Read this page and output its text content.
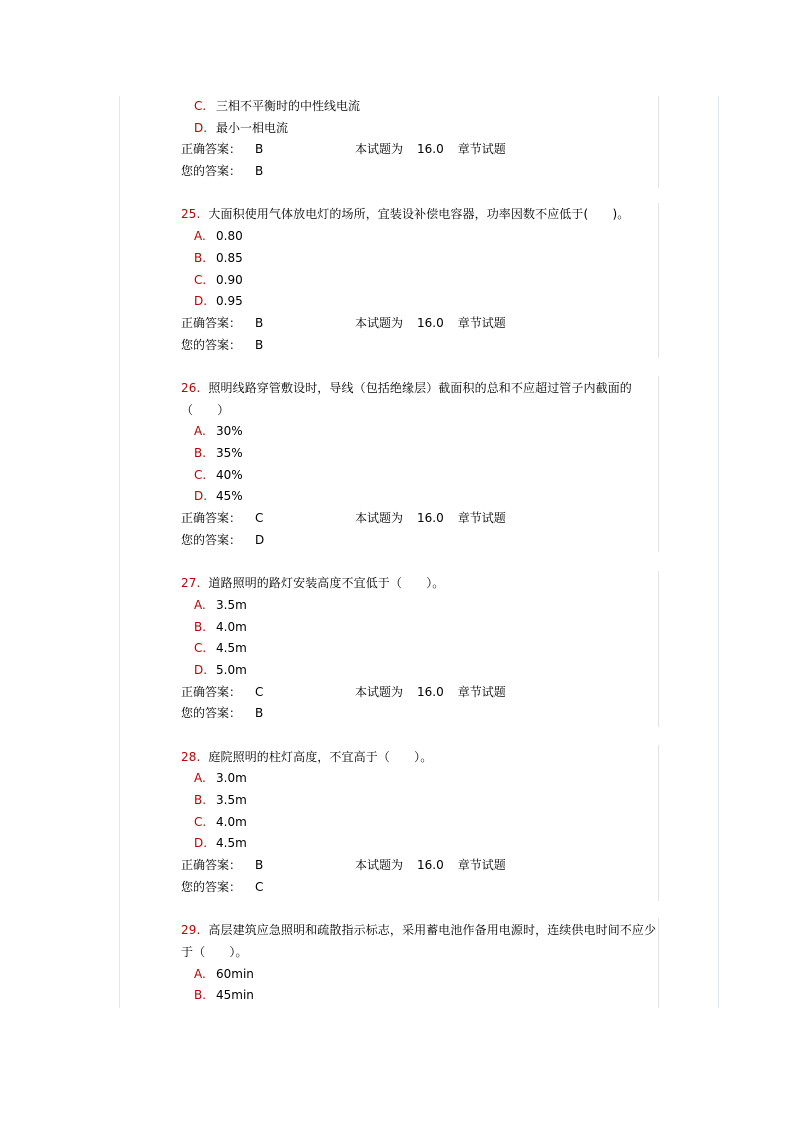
C. 三相不平衡时的中性线电流
D. 最小一相电流
正确答案： B	本试题为 16.0 章节试题
您的答案： B
25. 大面积使用气体放电灯的场所，宜装设补偿电容器，功率因数不应低于(　　)。
A. 0.80
B. 0.85
C. 0.90
D. 0.95
正确答案： B	本试题为 16.0 章节试题
您的答案： B
26. 照明线路穿管敷设时，导线（包括绝缘层）截面积的总和不应超过管子内截面的（　　）
A. 30%
B. 35%
C. 40%
D. 45%
正确答案： C	本试题为 16.0 章节试题
您的答案： D
27. 道路照明的路灯安装高度不宜低于（　　）。
A. 3.5m
B. 4.0m
C. 4.5m
D. 5.0m
正确答案： C	本试题为 16.0 章节试题
您的答案： B
28. 庭院照明的柱灯高度，不宜高于（　　）。
A. 3.0m
B. 3.5m
C. 4.0m
D. 4.5m
正确答案： B	本试题为 16.0 章节试题
您的答案： C
29. 高层建筑应急照明和疏散指示标志，采用蓄电池作备用电源时，连续供电时间不应少于（　　）。
A. 60min
B. 45min
